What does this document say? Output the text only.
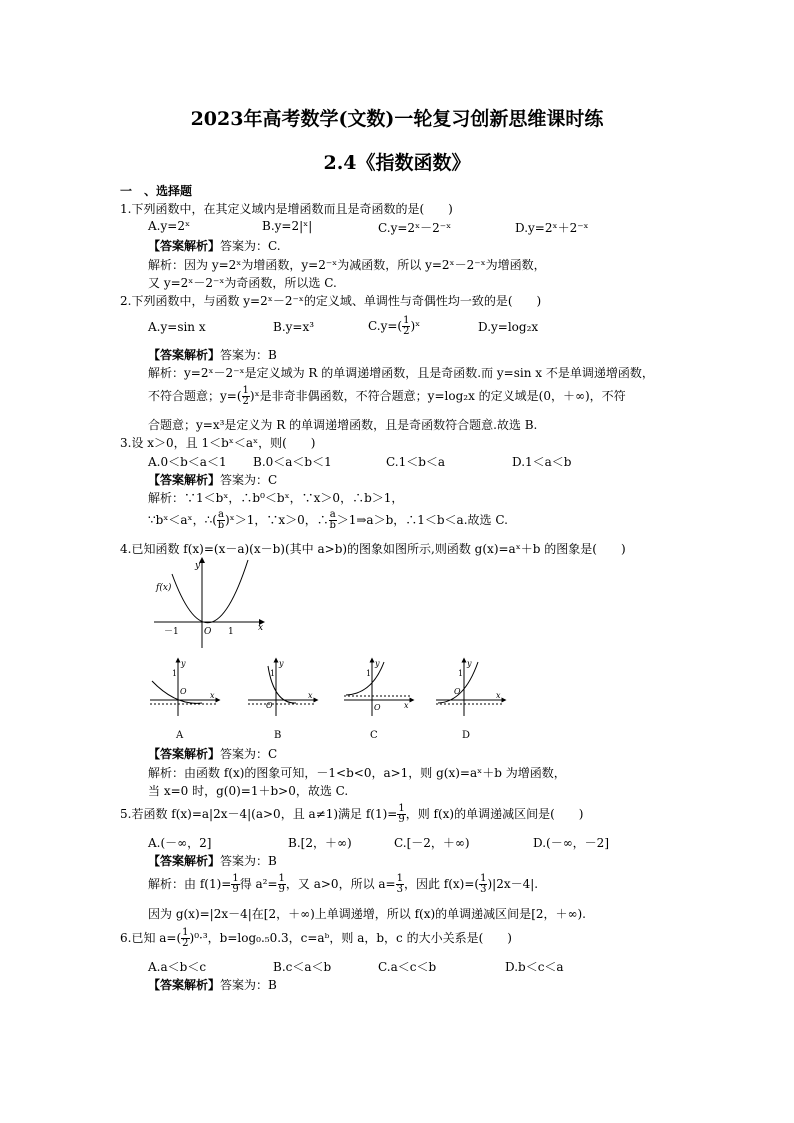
2023年高考数学(文数)一轮复习创新思维课时练
2.4《指数函数》
一　、选择题
1.下列函数中，在其定义域内是增函数而且是奇函数的是(　　)
A.y=2ˣ	B.y=2|ˣ|	C.y=2ˣ－2⁻ˣ	D.y=2ˣ＋2⁻ˣ
【答案解析】答案为：C.
解析：因为 y=2ˣ为增函数，y=2⁻ˣ为减函数，所以 y=2ˣ－2⁻ˣ为增函数，
又 y=2ˣ－2⁻ˣ为奇函数，所以选 C.
2.下列函数中，与函数 y=2ˣ－2⁻ˣ的定义域、单调性与奇偶性均一致的是(　　)
A.y=sin x	B.y=x³	$C.y=( \frac{1}{2}$ )ˣ	D.y=log₂x
【答案解析】答案为：B
解析：y=2ˣ－2⁻ˣ是定义域为 R 的单调递增函数，且是奇函数.而 y=sin x 不是单调递增函数，
不符合题意；$y=( \frac{1}{2}$ )ˣ是非奇非偶函数，不符合题意；y=log₂x 的定义域是(0，＋∞)，不符
合题意；y=x³是定义为 R 的单调递增函数，且是奇函数符合题意.故选 B.
3.设 x＞0，且 1＜bˣ＜aˣ，则(　　)
A.0＜b＜a＜1 B.0＜a＜b＜1	C.1＜b＜a	D.1＜a＜b
【答案解析】答案为：C
解析：∵1＜bˣ，∴b⁰＜bˣ，∵x＞0，∴b＞1，
∵bˣ＜aˣ，∴( $\frac{a}{b}$ )ˣ＞1，∵x＞0，∴ $\frac{a}{b}$ ＞1⇒a＞b，∴1＜b＜a.故选 C.
4.已知函数 f(x)=(x－a)(x－b)(其中 a>b)的图象如图所示,则函数 g(x)=aˣ＋b 的图象是(　　)
y
f(x)
x
－1	O 1
y
1
O	x
A
y
1
O
x
B
y
1
O	x
C
y
1
O	x
D
【答案解析】答案为：C
解析：由函数 f(x)的图象可知，－1<b<0，a>1，则 g(x)=aˣ＋b 为增函数，
当 x=0 时，g(0)=1＋b>0，故选 C.
5.若函数 f(x)=a|2x－4|(a>0，且 a≠1)满足 $f(1)= \frac{1}{9}$ ，则 f(x)的单调递减区间是(　　)
A.(－∞，2]	B.[2，＋∞)	C.[－2，＋∞)	D.(－∞，－2]
【答案解析】答案为：B
解析：由 $f(1)= \frac{1}{9}$ 得 $a^2= \frac{1}{9}$ ，又 a>0，所以 $a= \frac{1}{3}$ ，因此 $f(x)=( \frac{1}{3} )|2x-4|$.
因为 g(x)=|2x－4|在[2，＋∞)上单调递增，所以 f(x)的单调递减区间是[2，＋∞).
6.已知 $a=( \frac{1}{2} )^0\cdot^3$，b=log₀.₅0.3，c=aᵇ，则 a，b，c 的大小关系是(　　)
A.a＜b＜c	B.c＜a＜b	C.a＜c＜b	D.b＜c＜a
【答案解析】答案为：B
